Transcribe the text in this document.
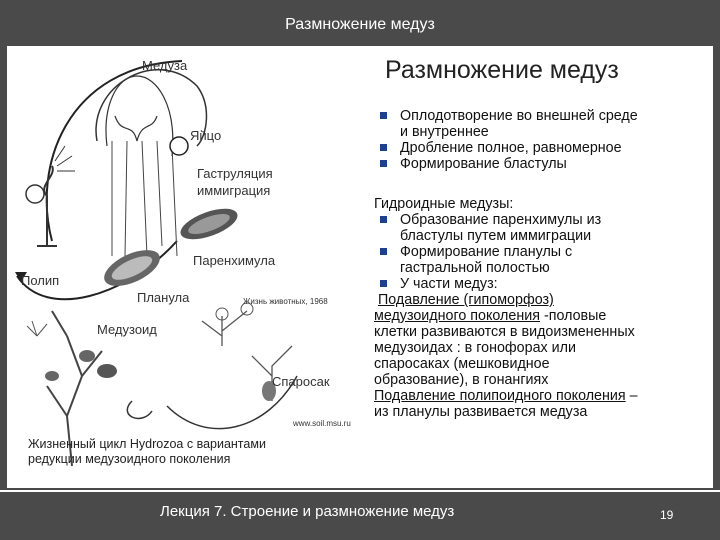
Размножение медуз
Медуза
Яйцо
Гаструляция
иммиграция
Паренхимула
Полип
Планула	Жизнь животных, 1968
Медузоид
Спаросак
www.soil.msu.ru
Жизненный цикл Hydrozoa с вариантами
редукции медузоидного поколения
Размножение медуз
Оплодотворение во внешней среде
и внутреннее
Дробление полное, равномерное
Формирование бластулы
Гидроидные медузы:
Образование паренхимулы из
бластулы путем иммиграции
Формирование планулы с
гастральной полостью
У части медуз:
Подавление (гипоморфоз)
медузоидного поколения -половые
клетки развиваются в видоизмененных
медузоидах : в гонофорах или
спаросаках (мешковидное
образование), в гонангиях
Подавление полипоидного поколения –
из планулы развивается медуза
Лекция 7. Строение и размножение медуз	19
